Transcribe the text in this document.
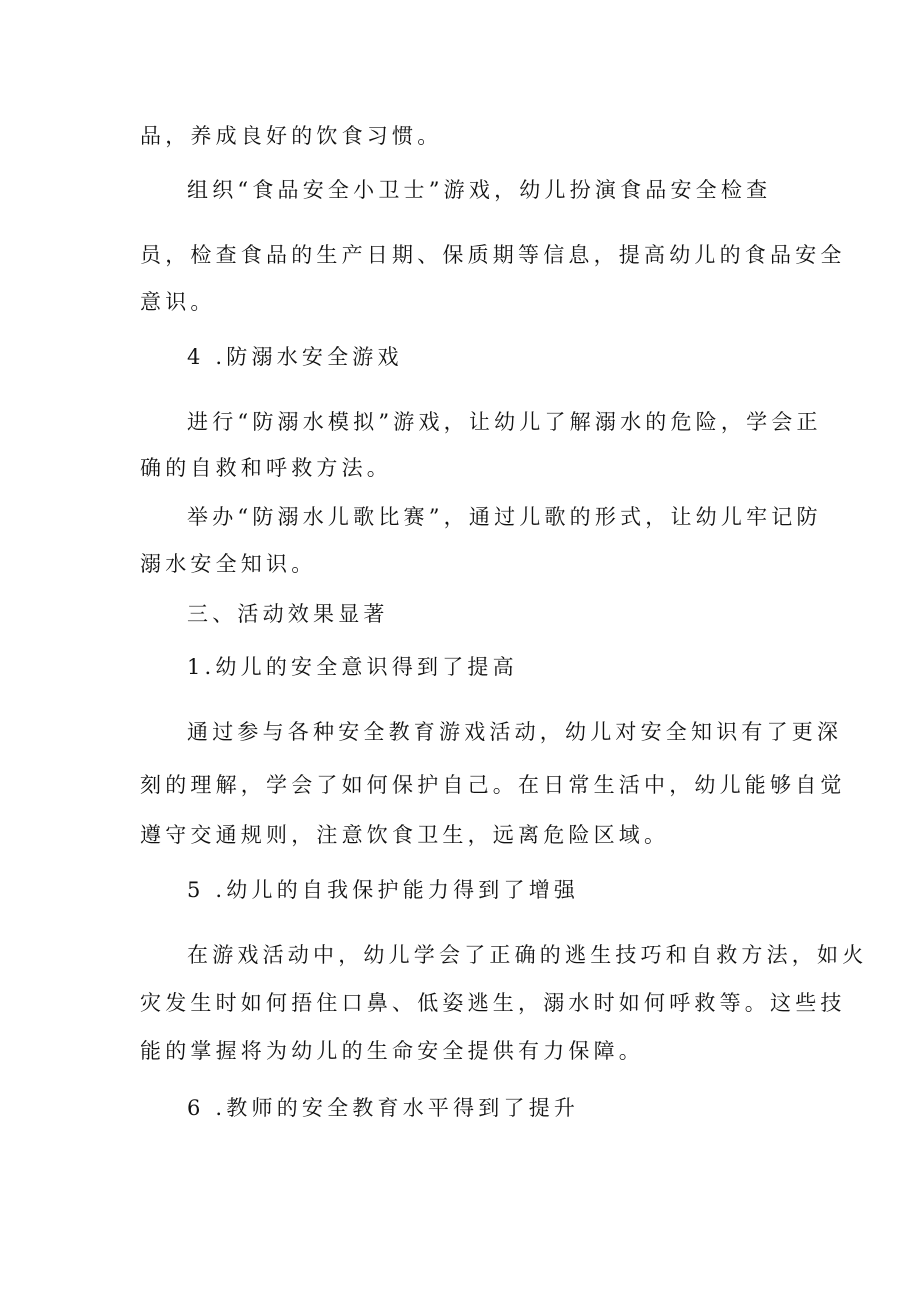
品，养成良好的饮食习惯。
组织“食品安全小卫士”游戏，幼儿扮演食品安全检查
员，检查食品的生产日期、保质期等信息，提高幼儿的食品安全
意识。
4 .防溺水安全游戏
进行“防溺水模拟”游戏，让幼儿了解溺水的危险，学会正
确的自救和呼救方法。
举办“防溺水儿歌比赛”，通过儿歌的形式，让幼儿牢记防
溺水安全知识。
三、活动效果显著
1.幼儿的安全意识得到了提高
通过参与各种安全教育游戏活动，幼儿对安全知识有了更深
刻的理解，学会了如何保护自己。在日常生活中，幼儿能够自觉
遵守交通规则，注意饮食卫生，远离危险区域。
5 .幼儿的自我保护能力得到了增强
在游戏活动中，幼儿学会了正确的逃生技巧和自救方法，如火
灾发生时如何捂住口鼻、低姿逃生，溺水时如何呼救等。这些技
能的掌握将为幼儿的生命安全提供有力保障。
6 .教师的安全教育水平得到了提升
